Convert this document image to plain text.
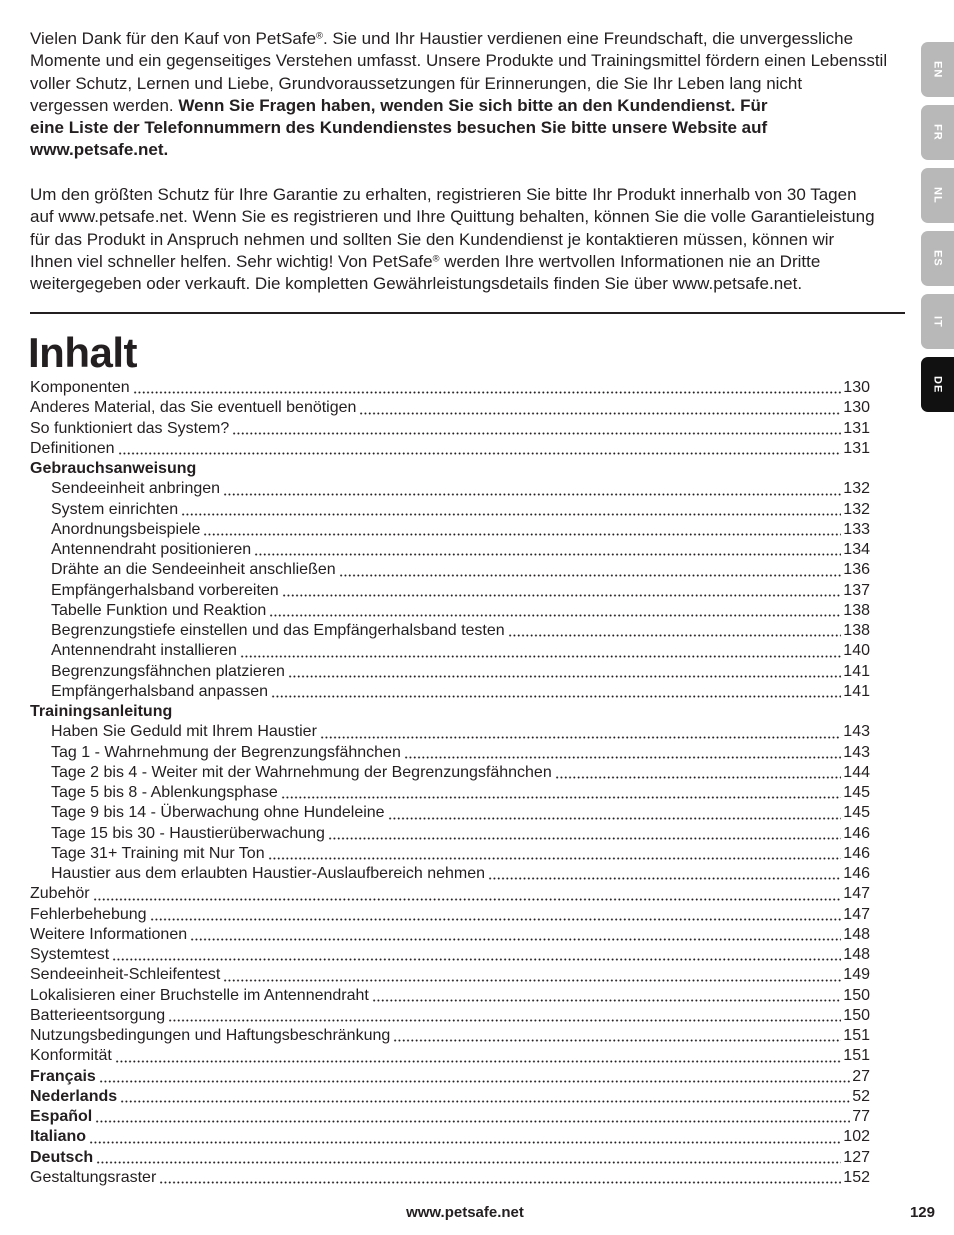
Vielen Dank für den Kauf von PetSafe®. Sie und Ihr Haustier verdienen eine Freundschaft, die unvergessliche
Momente und ein gegenseitiges Verstehen umfasst. Unsere Produkte und Trainingsmittel fördern einen Lebensstil
voller Schutz, Lernen und Liebe, Grundvoraussetzungen für Erinnerungen, die Sie Ihr Leben lang nicht
vergessen werden. Wenn Sie Fragen haben, wenden Sie sich bitte an den Kundendienst. Für
eine Liste der Telefonnummern des Kundendienstes besuchen Sie bitte unsere Website auf
www.petsafe.net.
Um den größten Schutz für Ihre Garantie zu erhalten, registrieren Sie bitte Ihr Produkt innerhalb von 30 Tagen
auf www.petsafe.net. Wenn Sie es registrieren und Ihre Quittung behalten, können Sie die volle Garantieleistung
für das Produkt in Anspruch nehmen und sollten Sie den Kundendienst je kontaktieren müssen, können wir
Ihnen viel schneller helfen. Sehr wichtig! Von PetSafe® werden Ihre wertvollen Informationen nie an Dritte
weitergegeben oder verkauft. Die kompletten Gewährleistungsdetails finden Sie über www.petsafe.net.
Inhalt
Komponenten	130
Anderes Material, das Sie eventuell benötigen	130
So funktioniert das System?	131
Definitionen	131
Gebrauchsanweisung
Sendeeinheit anbringen	132
System einrichten	132
Anordnungsbeispiele	133
Antennendraht positionieren	134
Drähte an die Sendeeinheit anschließen	136
Empfängerhalsband vorbereiten	137
Tabelle Funktion und Reaktion	138
Begrenzungstiefe einstellen und das Empfängerhalsband testen	138
Antennendraht installieren	140
Begrenzungsfähnchen platzieren	141
Empfängerhalsband anpassen	141
Trainingsanleitung
Haben Sie Geduld mit Ihrem Haustier	143
Tag 1 - Wahrnehmung der Begrenzungsfähnchen	143
Tage 2 bis 4 - Weiter mit der Wahrnehmung der Begrenzungsfähnchen	144
Tage 5 bis 8 - Ablenkungsphase	145
Tage 9 bis 14 - Überwachung ohne Hundeleine	145
Tage 15 bis 30 - Haustierüberwachung	146
Tage 31+ Training mit Nur Ton	146
Haustier aus dem erlaubten Haustier-Auslaufbereich nehmen	146
Zubehör	147
Fehlerbehebung	147
Weitere Informationen	148
Systemtest	148
Sendeeinheit-Schleifentest	149
Lokalisieren einer Bruchstelle im Antennendraht	150
Batterieentsorgung	150
Nutzungsbedingungen und Haftungsbeschränkung	151
Konformität	151
Français	27
Nederlands	52
Español	77
Italiano	102
Deutsch	127
Gestaltungsraster	152
EN
FR
NL
ES
IT
DE
www.petsafe.net	129
